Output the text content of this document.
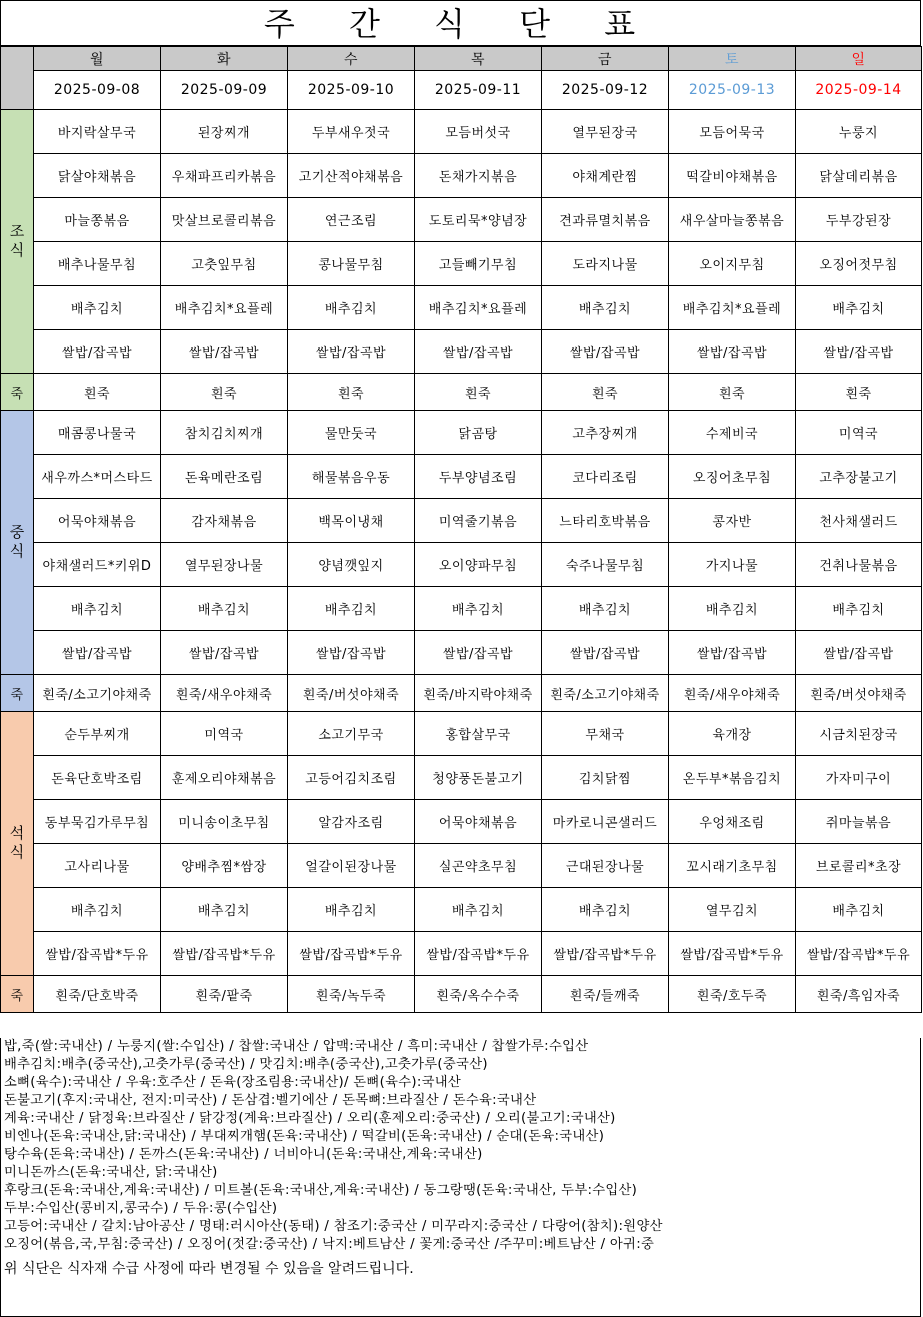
주 간 식 단 표
	월	화	수	목	금	토	일
	2025-09-08	2025-09-09	2025-09-10	2025-09-11	2025-09-12	2025-09-13	2025-09-14
조식	바지락살무국	된장찌개	두부새우젓국	모듬버섯국	열무된장국	모듬어묵국	누룽지
	닭살야채볶음	우채파프리카볶음	고기산적야채볶음	돈채가지볶음	야채계란찜	떡갈비야채볶음	닭살데리볶음
	마늘쫑볶음	맛살브로콜리볶음	연근조림	도토리묵*양념장	견과류멸치볶음	새우살마늘쫑볶음	두부강된장
	배추나물무침	고춧잎무침	콩나물무침	고들빼기무침	도라지나물	오이지무침	오징어젓무침
	배추김치	배추김치*요플레	배추김치	배추김치*요플레	배추김치	배추김치*요플레	배추김치
	쌀밥/잡곡밥	쌀밥/잡곡밥	쌀밥/잡곡밥	쌀밥/잡곡밥	쌀밥/잡곡밥	쌀밥/잡곡밥	쌀밥/잡곡밥
죽	흰죽	흰죽	흰죽	흰죽	흰죽	흰죽	흰죽
중식	매콤콩나물국	참치김치찌개	물만둣국	닭곰탕	고추장찌개	수제비국	미역국
	새우까스*머스타드	돈육메란조림	해물볶음우동	두부양념조림	코다리조림	오징어초무침	고추장불고기
	어묵야채볶음	감자채볶음	백목이냉채	미역줄기볶음	느타리호박볶음	콩자반	천사채샐러드
	야채샐러드*키위D	열무된장나물	양념깻잎지	오이양파무침	숙주나물무침	가지나물	건취나물볶음
	배추김치	배추김치	배추김치	배추김치	배추김치	배추김치	배추김치
	쌀밥/잡곡밥	쌀밥/잡곡밥	쌀밥/잡곡밥	쌀밥/잡곡밥	쌀밥/잡곡밥	쌀밥/잡곡밥	쌀밥/잡곡밥
죽	흰죽/소고기야채죽	흰죽/새우야채죽	흰죽/버섯야채죽	흰죽/바지락야채죽	흰죽/소고기야채죽	흰죽/새우야채죽	흰죽/버섯야채죽
석식	순두부찌개	미역국	소고기무국	홍합살무국	무채국	육개장	시금치된장국
	돈육단호박조림	훈제오리야채볶음	고등어김치조림	청양풍돈불고기	김치닭찜	온두부*볶음김치	가자미구이
	동부묵김가루무침	미니송이초무침	알감자조림	어묵야채볶음	마카로니콘샐러드	우엉채조림	쥐마늘볶음
	고사리나물	양배추찜*쌈장	얼갈이된장나물	실곤약초무침	근대된장나물	꼬시래기초무침	브로콜리*초장
	배추김치	배추김치	배추김치	배추김치	배추김치	열무김치	배추김치
	쌀밥/잡곡밥*두유	쌀밥/잡곡밥*두유	쌀밥/잡곡밥*두유	쌀밥/잡곡밥*두유	쌀밥/잡곡밥*두유	쌀밥/잡곡밥*두유	쌀밥/잡곡밥*두유
죽	흰죽/단호박죽	흰죽/팥죽	흰죽/녹두죽	흰죽/옥수수죽	흰죽/들깨죽	흰죽/호두죽	흰죽/흑임자죽
밥,죽(쌀:국내산) / 누룽지(쌀:수입산) / 찹쌀:국내산 / 압맥:국내산 / 흑미:국내산 / 찹쌀가루:수입산
배추김치:배추(중국산),고춧가루(중국산) / 맛김치:배추(중국산),고춧가루(중국산)
소뼈(육수):국내산 / 우육:호주산 / 돈육(장조림용:국내산)/ 돈뼈(육수):국내산
돈불고기(후지:국내산, 전지:미국산) / 돈삼겹:벨기에산 / 돈목뼈:브라질산 / 돈수육:국내산
계육:국내산 / 닭정육:브라질산 / 닭강정(계육:브라질산) / 오리(훈제오리:중국산) / 오리(불고기:국내산)
비엔나(돈육:국내산,닭:국내산) / 부대찌개햄(돈육:국내산) / 떡갈비(돈육:국내산) / 순대(돈육:국내산)
탕수육(돈육:국내산) / 돈까스(돈육:국내산) / 너비아니(돈육:국내산,계육:국내산)
미니돈까스(돈육:국내산, 닭:국내산)
후랑크(돈육:국내산,계육:국내산) / 미트볼(돈육:국내산,계육:국내산) / 동그랑땡(돈육:국내산, 두부:수입산)
두부:수입산(콩비지,콩국수) / 두유:콩(수입산)
고등어:국내산 / 갈치:남아공산 / 명태:러시아산(동태) / 참조기:중국산 / 미꾸라지:중국산 / 다랑어(참치):원양산
오징어(볶음,국,무침:중국산) / 오징어(젓갈:중국산) / 낙지:베트남산 / 꽃게:중국산 /주꾸미:베트남산 / 아귀:중
위 식단은 식자재 수급 사정에 따라 변경될 수 있음을 알려드립니다.
